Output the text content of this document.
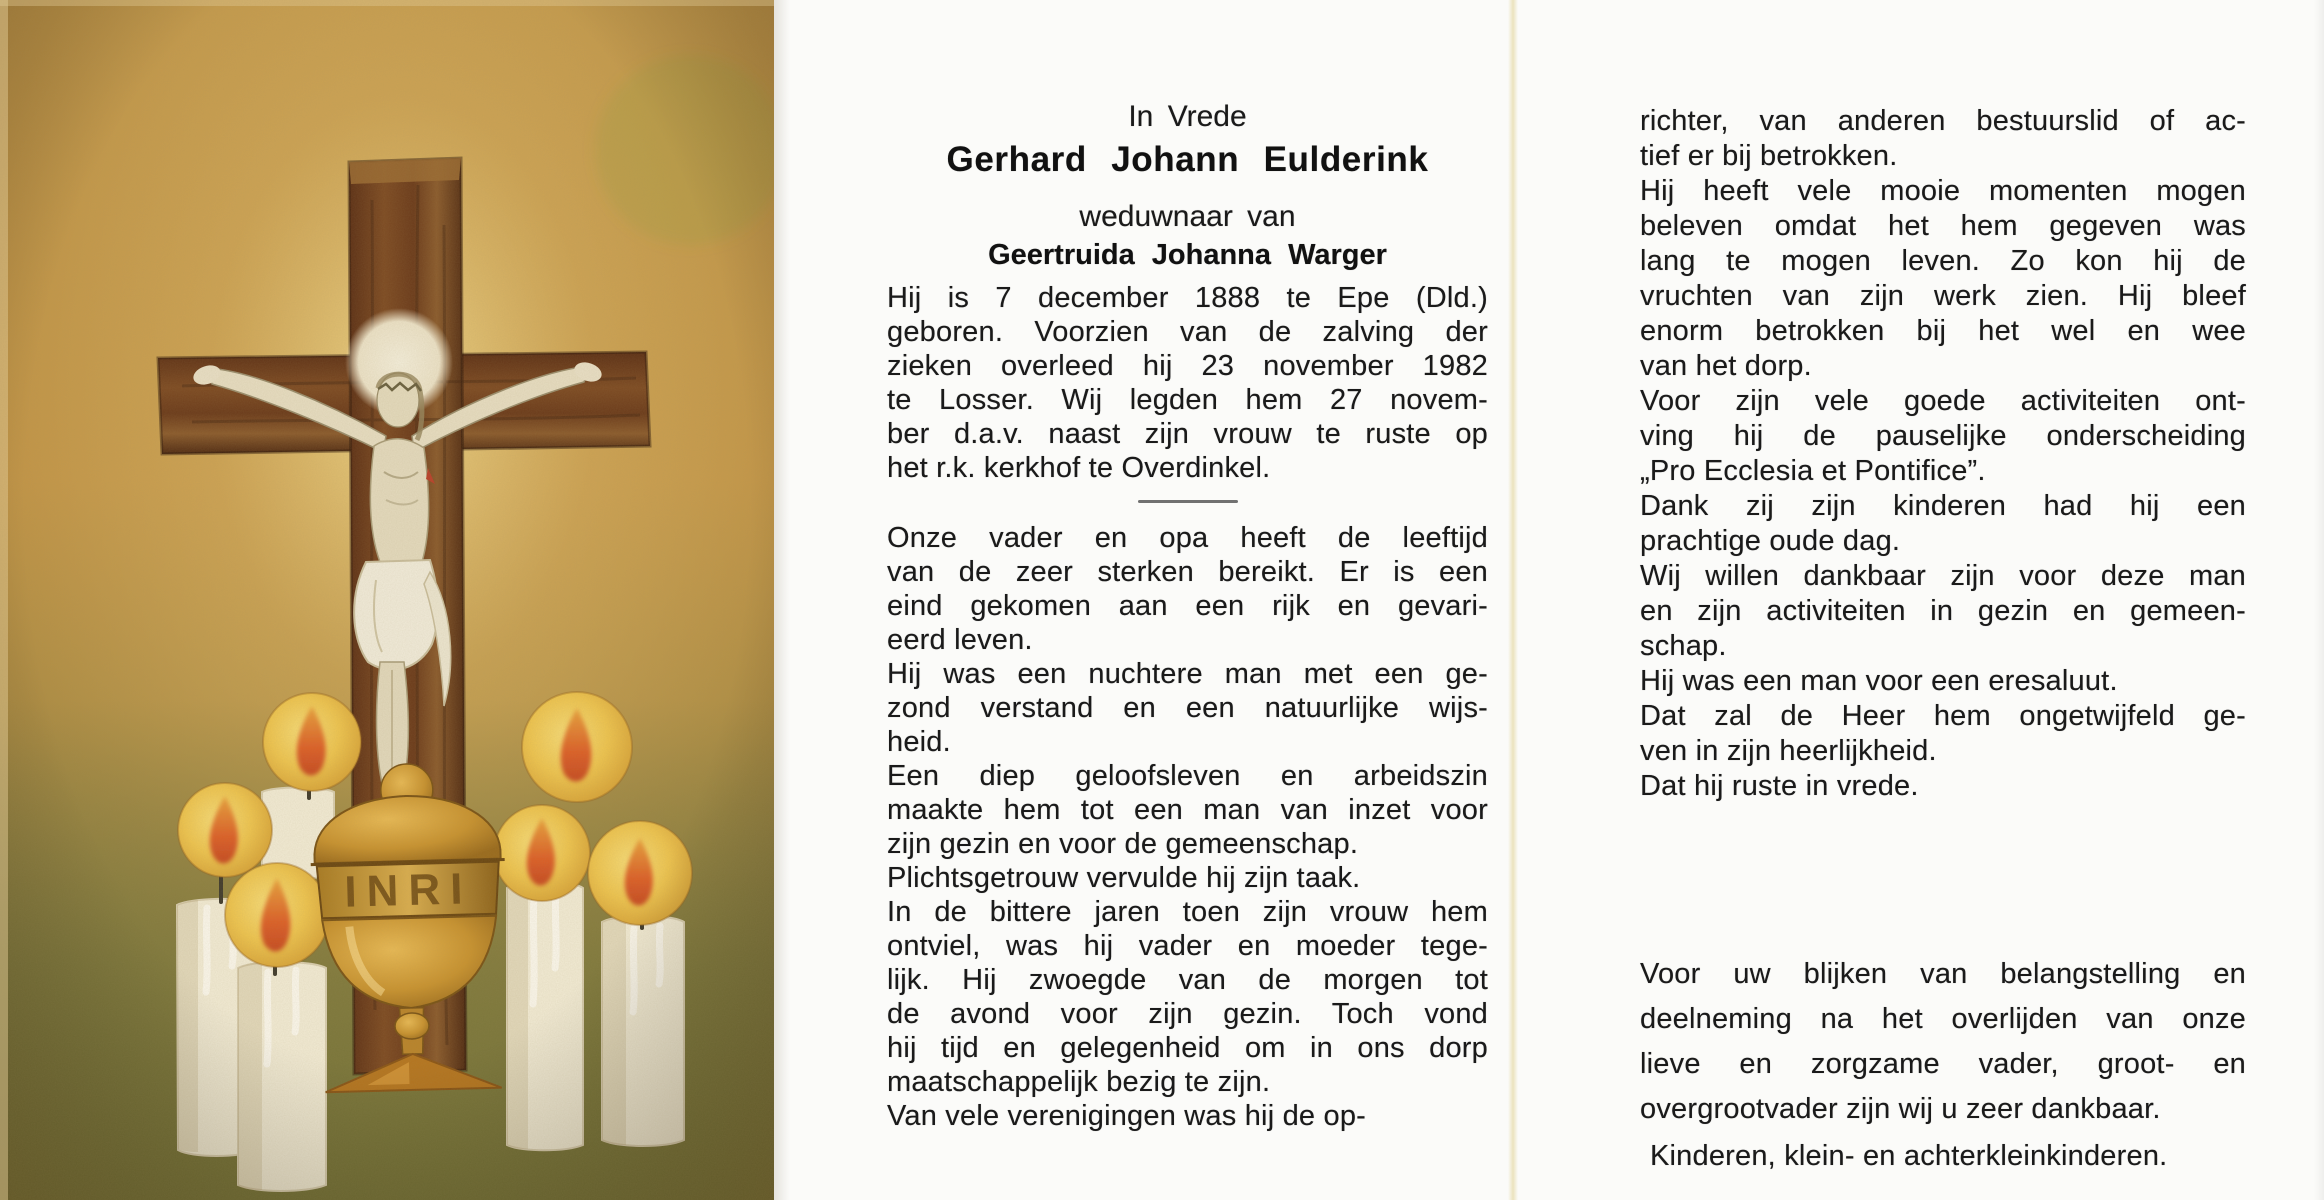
In Vrede
Gerhard Johann Eulderink
weduwnaar van
Geertruida Johanna Warger
Hij is 7 december 1888 te Epe (Dld.)
geboren. Voorzien van de zalving der
zieken overleed hij 23 november 1982
te Losser. Wij legden hem 27 novem-
ber d.a.v. naast zijn vrouw te ruste op
het r.k. kerkhof te Overdinkel.
Onze vader en opa heeft de leeftijd
van de zeer sterken bereikt. Er is een
eind gekomen aan een rijk en gevari-
eerd leven.
Hij was een nuchtere man met een ge-
zond verstand en een natuurlijke wijs-
heid.
Een diep geloofsleven en arbeidszin
maakte hem tot een man van inzet voor
zijn gezin en voor de gemeenschap.
Plichtsgetrouw vervulde hij zijn taak.
In de bittere jaren toen zijn vrouw hem
ontviel, was hij vader en moeder tege-
lijk. Hij zwoegde van de morgen tot
de avond voor zijn gezin. Toch vond
hij tijd en gelegenheid om in ons dorp
maatschappelijk bezig te zijn.
Van vele verenigingen was hij de op-
richter, van anderen bestuurslid of ac-
tief er bij betrokken.
Hij heeft vele mooie momenten mogen
beleven omdat het hem gegeven was
lang te mogen leven. Zo kon hij de
vruchten van zijn werk zien. Hij bleef
enorm betrokken bij het wel en wee
van het dorp.
Voor zijn vele goede activiteiten ont-
ving hij de pauselijke onderscheiding
„Pro Ecclesia et Pontifice”.
Dank zij zijn kinderen had hij een
prachtige oude dag.
Wij willen dankbaar zijn voor deze man
en zijn activiteiten in gezin en gemeen-
schap.
Hij was een man voor een eresaluut.
Dat zal de Heer hem ongetwijfeld ge-
ven in zijn heerlijkheid.
Dat hij ruste in vrede.
Voor uw blijken van belangstelling en
deelneming na het overlijden van onze
lieve en zorgzame vader, groot- en
overgrootvader zijn wij u zeer dankbaar.
Kinderen, klein- en achterkleinkinderen.
